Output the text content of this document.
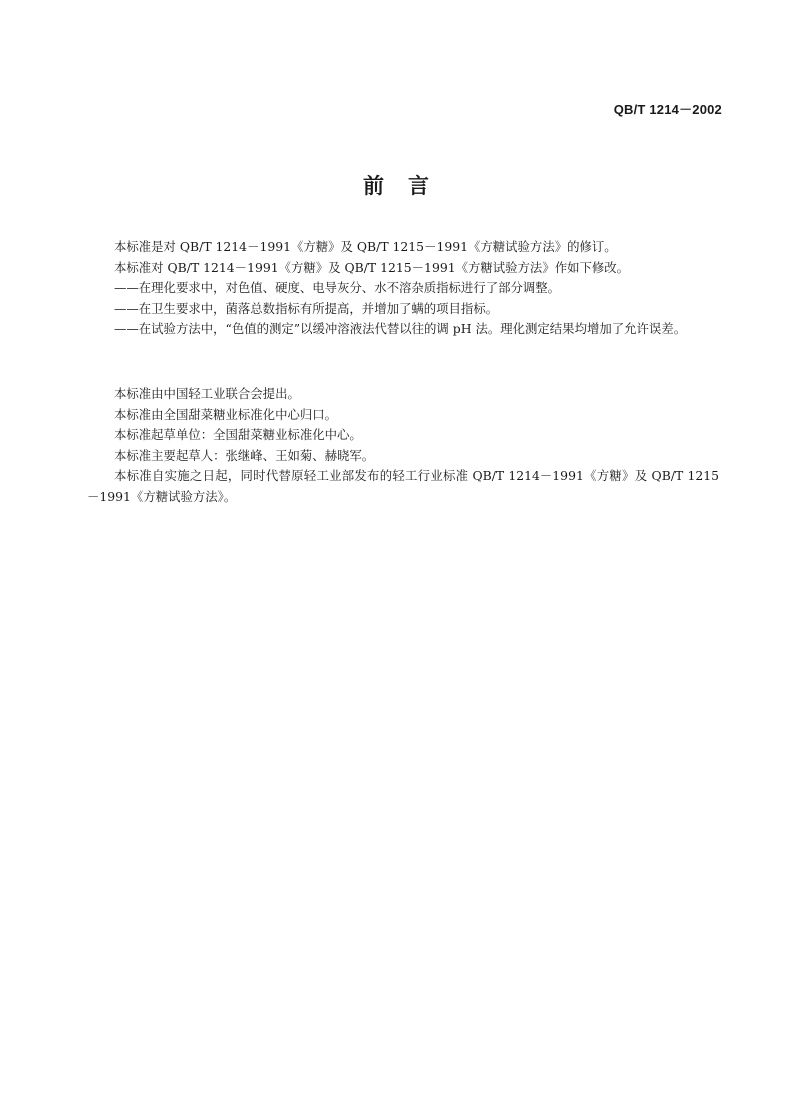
QB/T 1214－2002
前言

本标准是对 QB/T 1214－1991《方糖》及 QB/T 1215－1991《方糖试验方法》的修订。

本标准对 QB/T 1214－1991《方糖》及 QB/T 1215－1991《方糖试验方法》作如下修改。

——在理化要求中，对色值、硬度、电导灰分、水不溶杂质指标进行了部分调整。

——在卫生要求中，菌落总数指标有所提高，并增加了螨的项目指标。

——在试验方法中，“色值的测定”以缓冲溶液法代替以往的调 pH 法。理化测定结果均增加了允许误差。

本标准由中国轻工业联合会提出。

本标准由全国甜菜糖业标准化中心归口。

本标准起草单位：全国甜菜糖业标准化中心。

本标准主要起草人：张继峰、王如菊、赫晓军。

本标准自实施之日起，同时代替原轻工业部发布的轻工行业标准 QB/T 1214－1991《方糖》及 QB/T 1215－1991《方糖试验方法》。
